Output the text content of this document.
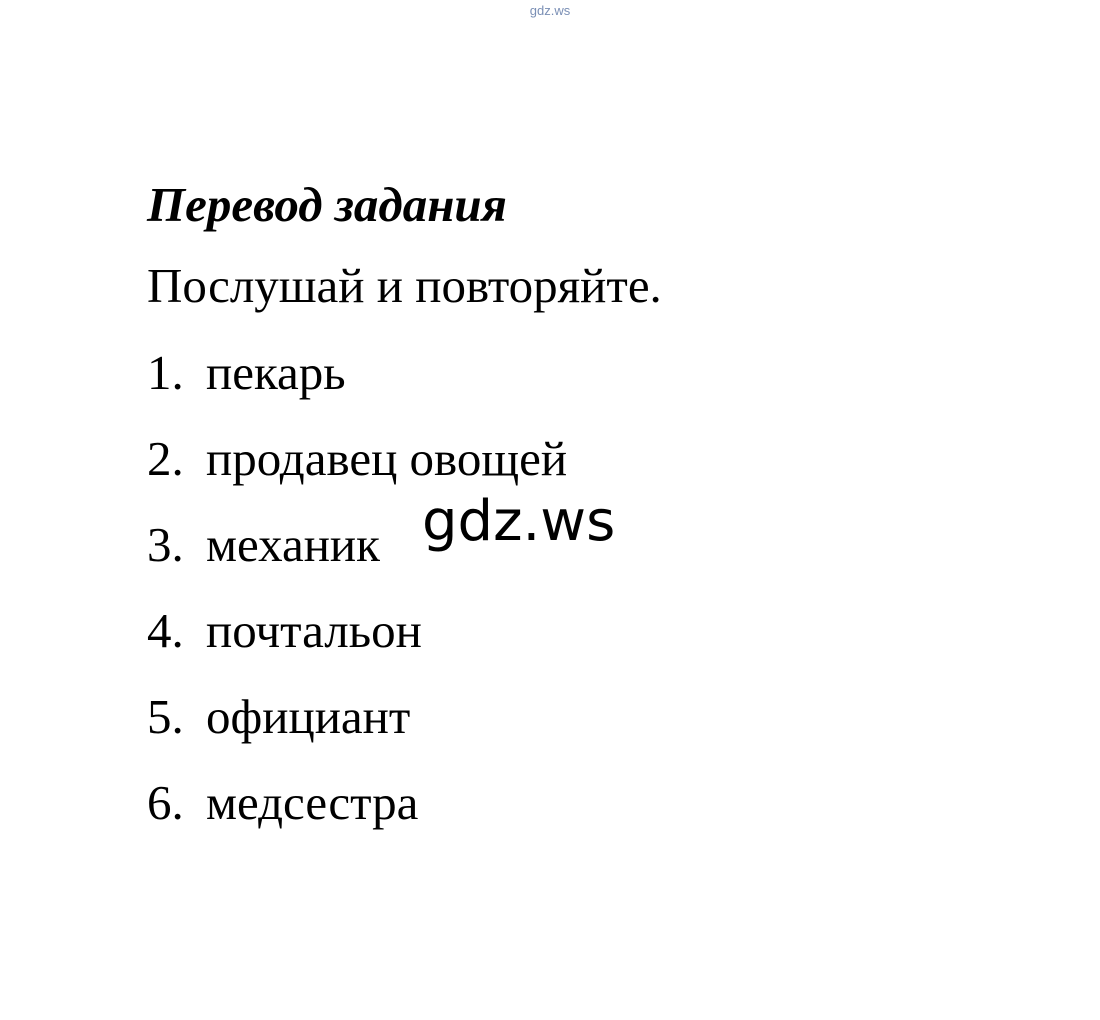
gdz.ws
Перевод задания

Послушай и повторяйте.

1. пекарь
2. продавец овощей
3. механик
4. почтальон
5. официант
6. медсестра
gdz.ws
